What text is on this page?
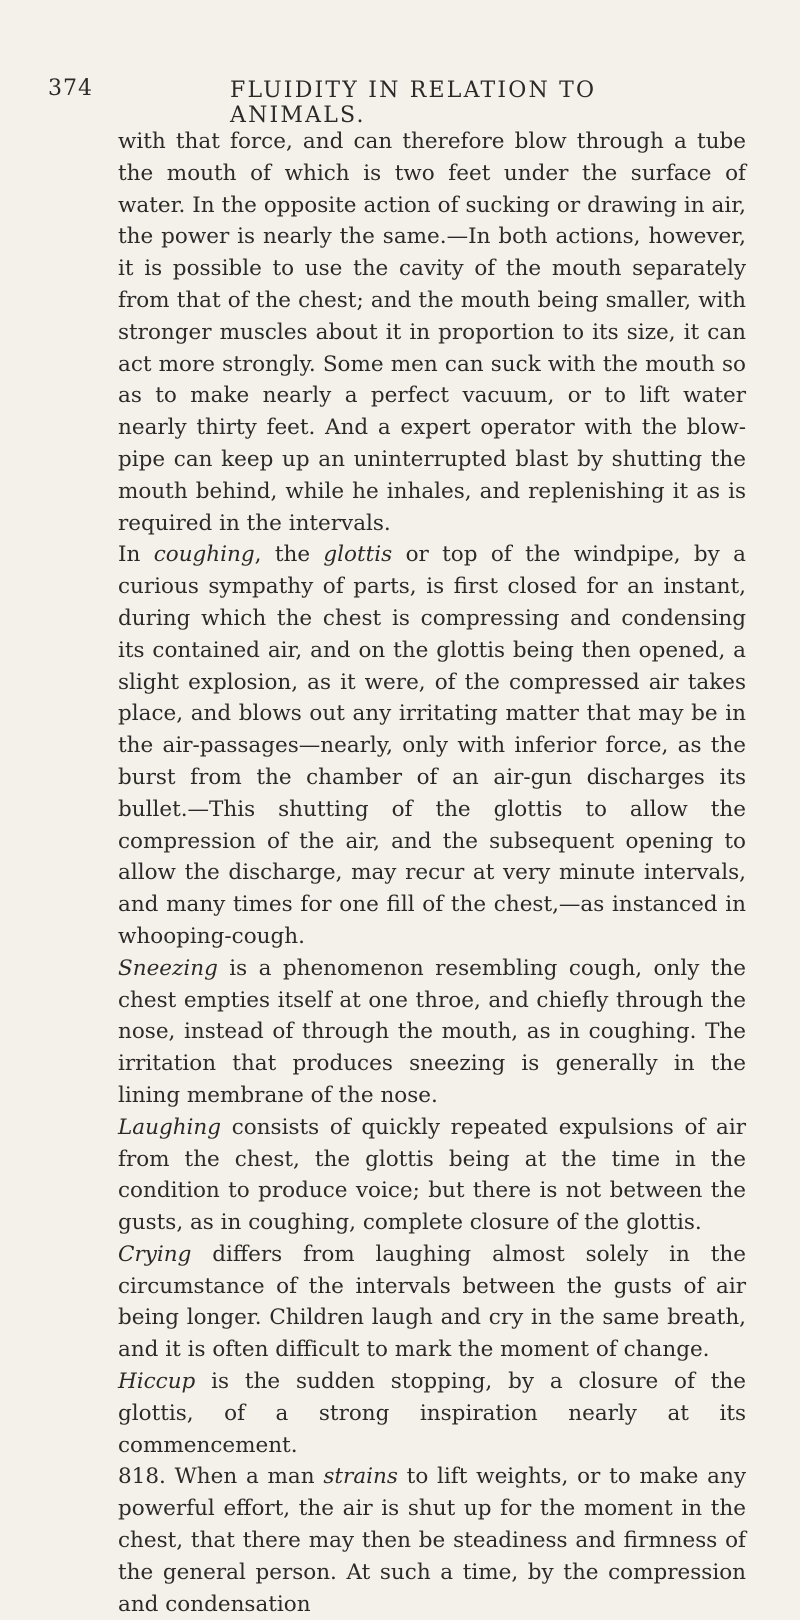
374	FLUIDITY IN RELATION TO ANIMALS.

with that force, and can therefore blow through a tube the mouth of which is two feet under the surface of water. In the opposite action of sucking or drawing in air, the power is nearly the same.—In both actions, however, it is possible to use the cavity of the mouth separately from that of the chest; and the mouth being smaller, with stronger muscles about it in proportion to its size, it can act more strongly. Some men can suck with the mouth so as to make nearly a perfect vacuum, or to lift water nearly thirty feet. And a expert operator with the blow-pipe can keep up an uninterrupted blast by shutting the mouth behind, while he inhales, and replenishing it as is required in the intervals.

In coughing, the glottis or top of the windpipe, by a curious sympathy of parts, is first closed for an instant, during which the chest is compressing and condensing its contained air, and on the glottis being then opened, a slight explosion, as it were, of the compressed air takes place, and blows out any irritating matter that may be in the air-passages—nearly, only with inferior force, as the burst from the chamber of an air-gun discharges its bullet.—This shutting of the glottis to allow the compression of the air, and the subsequent opening to allow the discharge, may recur at very minute intervals, and many times for one fill of the chest,—as instanced in whooping-cough.

Sneezing is a phenomenon resembling cough, only the chest empties itself at one throe, and chiefly through the nose, instead of through the mouth, as in coughing. The irritation that produces sneezing is generally in the lining membrane of the nose.

Laughing consists of quickly repeated expulsions of air from the chest, the glottis being at the time in the condition to produce voice; but there is not between the gusts, as in coughing, complete closure of the glottis.

Crying differs from laughing almost solely in the circumstance of the intervals between the gusts of air being longer. Children laugh and cry in the same breath, and it is often difficult to mark the moment of change.

Hiccup is the sudden stopping, by a closure of the glottis, of a strong inspiration nearly at its commencement.

818. When a man strains to lift weights, or to make any powerful effort, the air is shut up for the moment in the chest, that there may then be steadiness and firmness of the general person. At such a time, by the compression and condensation
